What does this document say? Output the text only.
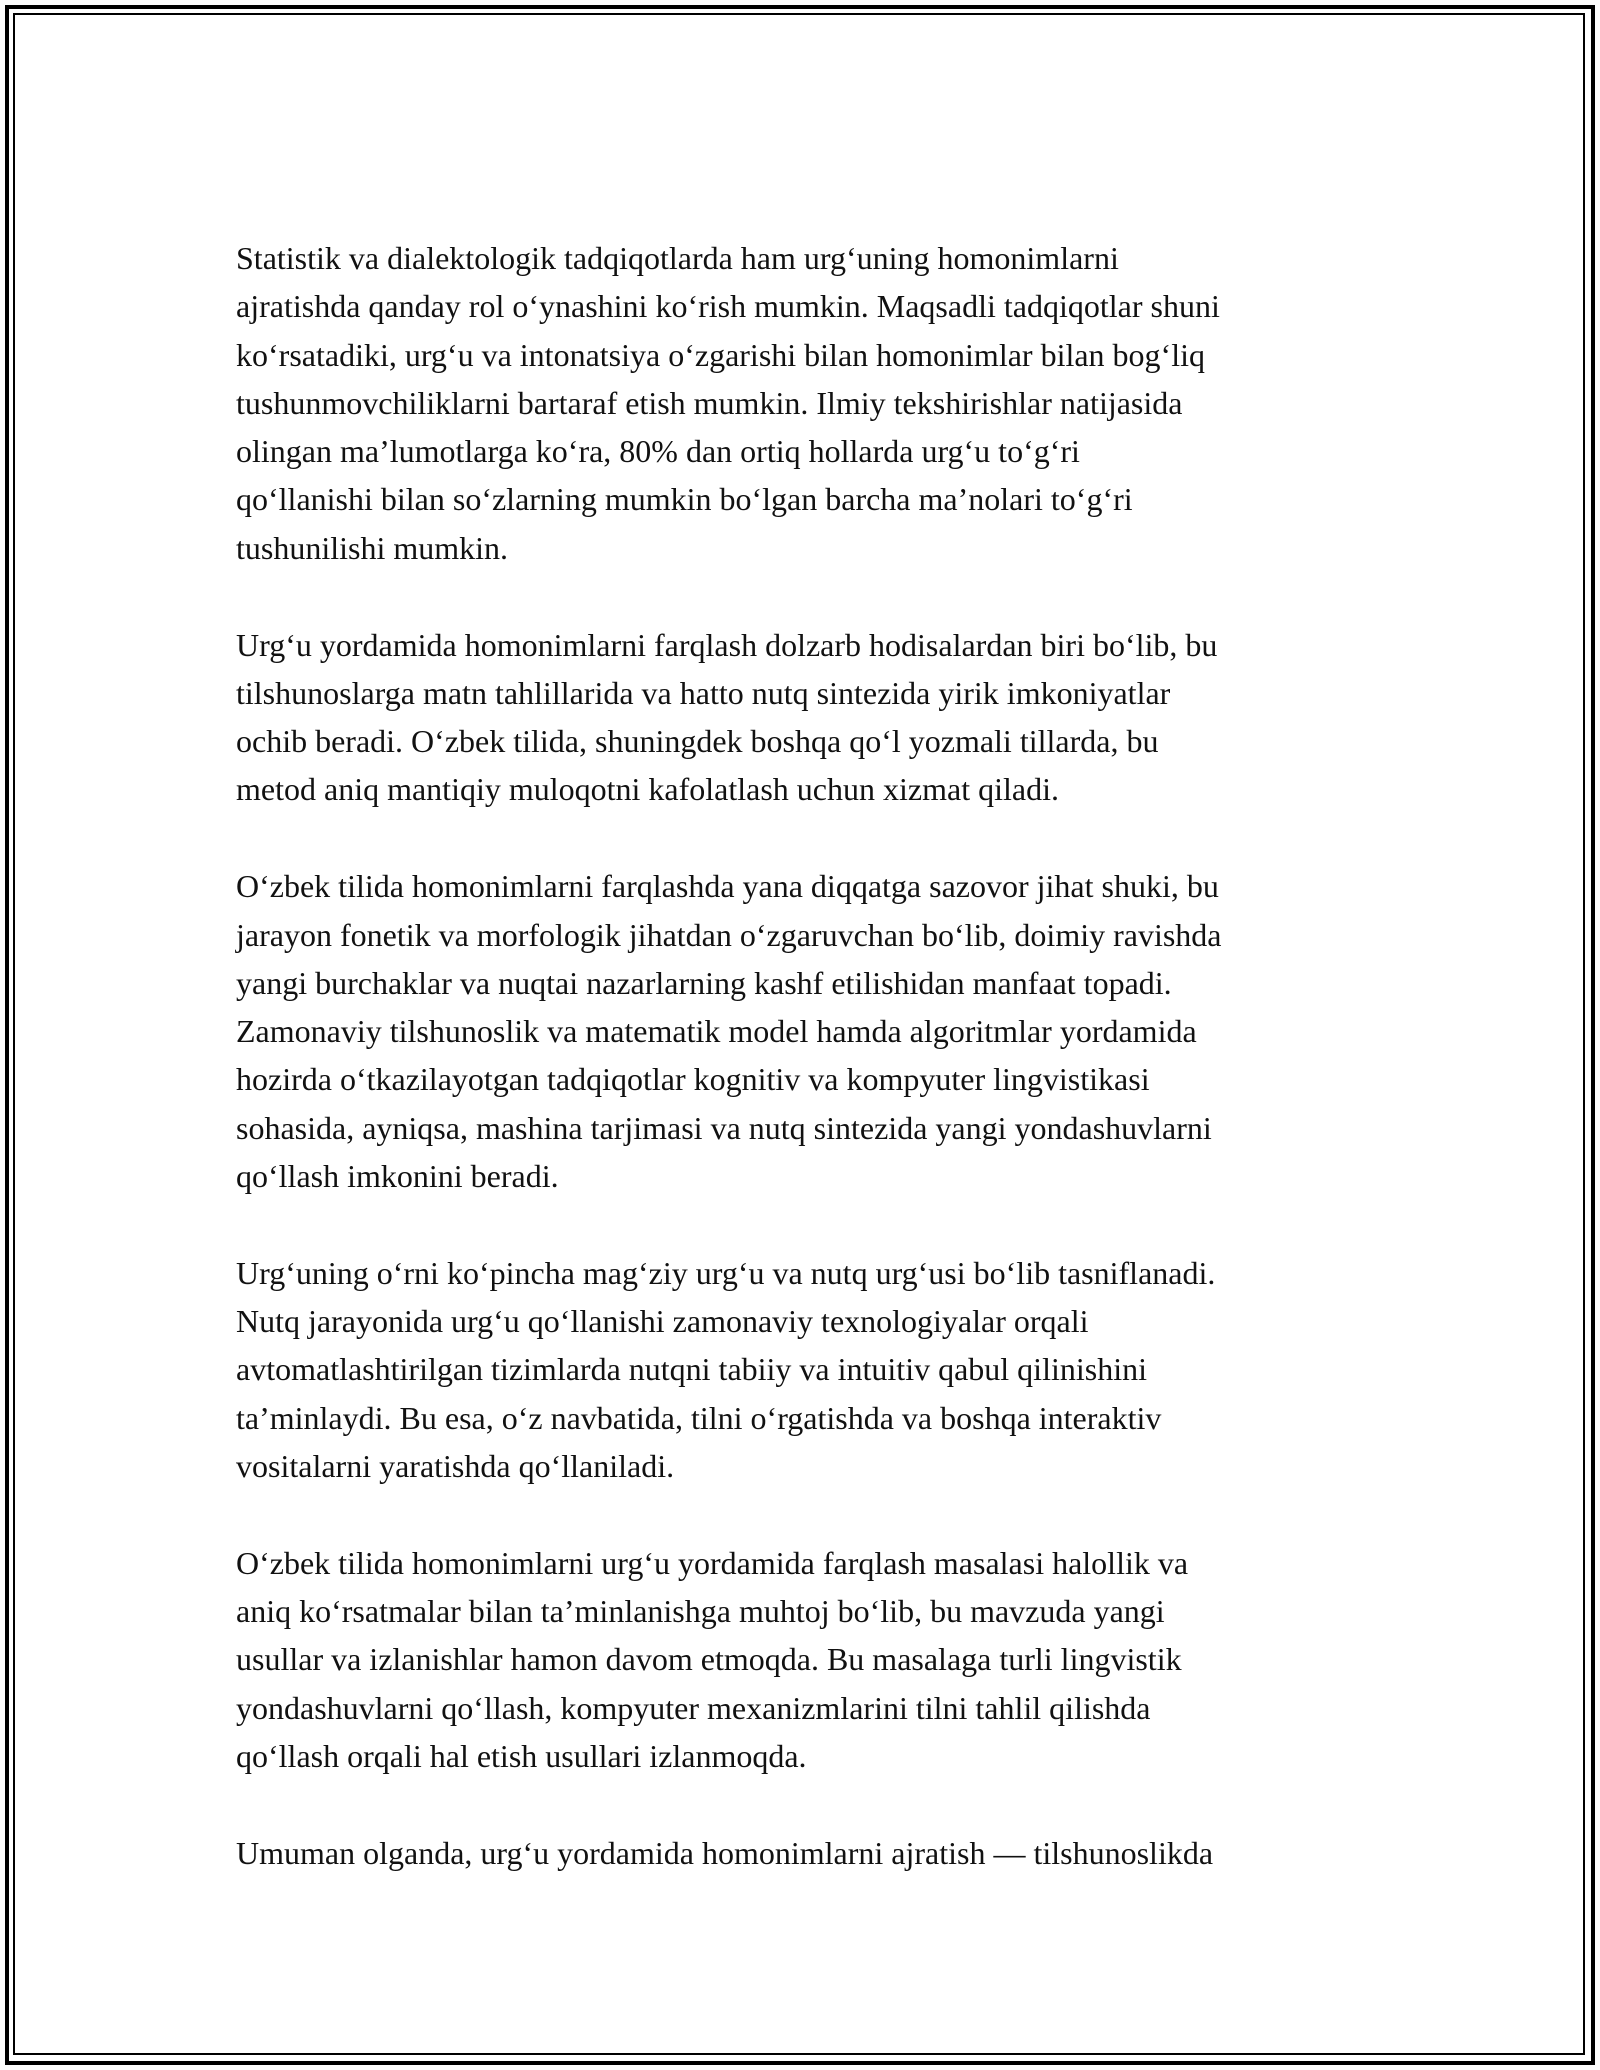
Statistik va dialektologik tadqiqotlarda ham urg‘uning homonimlarni
ajratishda qanday rol o‘ynashini ko‘rish mumkin. Maqsadli tadqiqotlar shuni
ko‘rsatadiki, urg‘u va intonatsiya o‘zgarishi bilan homonimlar bilan bog‘liq
tushunmovchiliklarni bartaraf etish mumkin. Ilmiy tekshirishlar natijasida
olingan ma’lumotlarga ko‘ra, 80% dan ortiq hollarda urg‘u to‘g‘ri
qo‘llanishi bilan so‘zlarning mumkin bo‘lgan barcha ma’nolari to‘g‘ri
tushunilishi mumkin.

Urg‘u yordamida homonimlarni farqlash dolzarb hodisalardan biri bo‘lib, bu
tilshunoslarga matn tahlillarida va hatto nutq sintezida yirik imkoniyatlar
ochib beradi. O‘zbek tilida, shuningdek boshqa qo‘l yozmali tillarda, bu
metod aniq mantiqiy muloqotni kafolatlash uchun xizmat qiladi.

O‘zbek tilida homonimlarni farqlashda yana diqqatga sazovor jihat shuki, bu
jarayon fonetik va morfologik jihatdan o‘zgaruvchan bo‘lib, doimiy ravishda
yangi burchaklar va nuqtai nazarlarning kashf etilishidan manfaat topadi.
Zamonaviy tilshunoslik va matematik model hamda algoritmlar yordamida
hozirda o‘tkazilayotgan tadqiqotlar kognitiv va kompyuter lingvistikasi
sohasida, ayniqsa, mashina tarjimasi va nutq sintezida yangi yondashuvlarni
qo‘llash imkonini beradi.

Urg‘uning o‘rni ko‘pincha mag‘ziy urg‘u va nutq urg‘usi bo‘lib tasniflanadi.
Nutq jarayonida urg‘u qo‘llanishi zamonaviy texnologiyalar orqali
avtomatlashtirilgan tizimlarda nutqni tabiiy va intuitiv qabul qilinishini
ta’minlaydi. Bu esa, o‘z navbatida, tilni o‘rgatishda va boshqa interaktiv
vositalarni yaratishda qo‘llaniladi.

O‘zbek tilida homonimlarni urg‘u yordamida farqlash masalasi halollik va
aniq ko‘rsatmalar bilan ta’minlanishga muhtoj bo‘lib, bu mavzuda yangi
usullar va izlanishlar hamon davom etmoqda. Bu masalaga turli lingvistik
yondashuvlarni qo‘llash, kompyuter mexanizmlarini tilni tahlil qilishda
qo‘llash orqali hal etish usullari izlanmoqda.

Umuman olganda, urg‘u yordamida homonimlarni ajratish — tilshunoslikda
